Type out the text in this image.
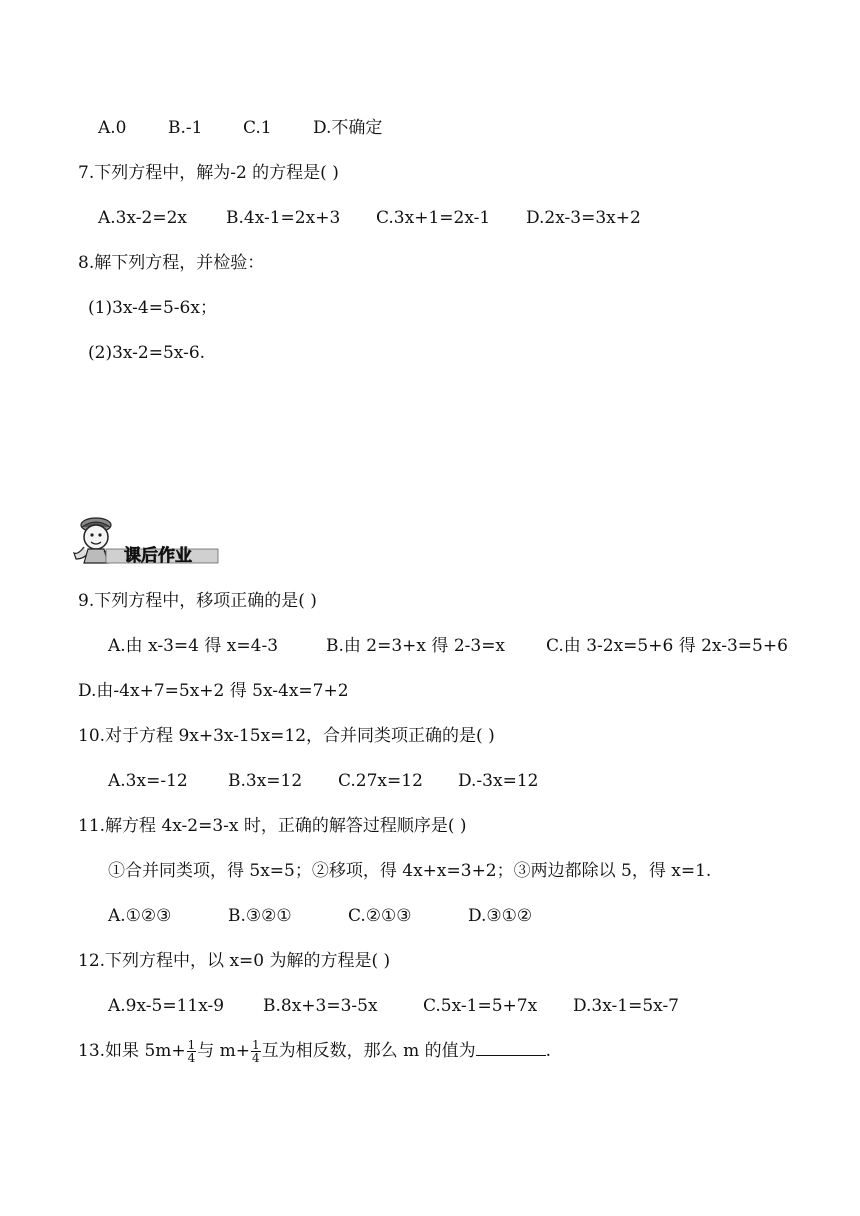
A.0 B.-1 C.1 D.不确定
7.下列方程中，解为-2 的方程是( )
A.3x-2=2x B.4x-1=2x+3 C.3x+1=2x-1 D.2x-3=3x+2
8.解下列方程，并检验：
(1)3x-4=5-6x；
(2)3x-2=5x-6.
课后作业
9.下列方程中，移项正确的是( )
A.由 x-3=4 得 x=4-3	B.由 2=3+x 得 2-3=x C.由 3-2x=5+6 得 2x-3=5+6
D.由-4x+7=5x+2 得 5x-4x=7+2
10.对于方程 9x+3x-15x=12，合并同类项正确的是( )
A.3x=-12 B.3x=12 C.27x=12 D.-3x=12
11.解方程 4x-2=3-x 时，正确的解答过程顺序是( )
①合并同类项，得 5x=5；②移项，得 4x+x=3+2；③两边都除以 5，得 x=1.
A.①②③	B.③②①	C.②①③	D.③①②
12.下列方程中，以 x=0 为解的方程是( )
A.9x-5=11x-9 B.8x+3=3-5x	C.5x-1=5+7x D.3x-1=5x-7
13.如果 $5m+ \frac{1}{4}$ 与 $m+ \frac{1}{4}$ 互为相反数，那么 m 的值为	.
